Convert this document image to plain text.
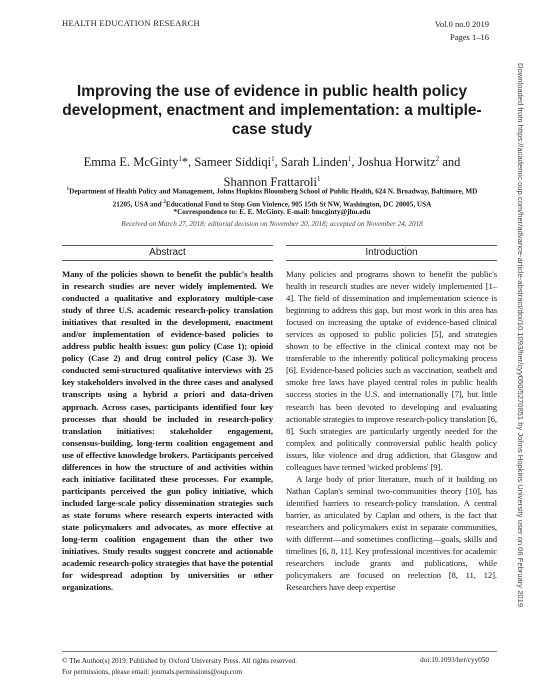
HEALTH EDUCATION RESEARCH	Vol.0 no.0 2019
Pages 1–16
Improving the use of evidence in public health policy development, enactment and implementation: a multiple-case study
Emma E. McGinty$^1$*, Sameer Siddiqi$^1$, Sarah Linden$^1$, Joshua Horwitz$^2$ and Shannon Frattaroli$^1$
$^1$Department of Health Policy and Management, Johns Hopkins Bloomberg School of Public Health, 624 N. Broadway, Baltimore, MD 21205, USA and $^2$Educational Fund to Stop Gun Violence, 905 15th St NW, Washington, DC 20005, USA
*Correspondence to: E. E. McGinty. E-mail: bmcginty@jhu.edu
Received on March 27, 2018; editorial decision on November 20, 2018; accepted on November 24, 2018
Abstract	Introduction
Many of the policies shown to benefit the public's health in research studies are never widely implemented. We conducted a qualitative and exploratory multiple-case study of three U.S. academic research-policy translation initiatives that resulted in the development, enactment and/or implementation of evidence-based policies to address public health issues: gun policy (Case 1); opioid policy (Case 2) and drug control policy (Case 3). We conducted semi-structured qualitative interviews with 25 key stakeholders involved in the three cases and analysed transcripts using a hybrid a priori and data-driven approach. Across cases, participants identified four key processes that should be included in research-policy translation initiatives: stakeholder engagement, consensus-building, long-term coalition engagement and use of effective knowledge brokers. Participants perceived differences in how the structure of and activities within each initiative facilitated these processes. For example, participants perceived the gun policy initiative, which included large-scale policy dissemination strategies such as state forums where research experts interacted with state policymakers and advocates, as more effective at long-term coalition engagement than the other two initiatives. Study results suggest concrete and actionable academic research-policy strategies that have the potential for widespread adoption by universities or other organizations.

Many policies and programs shown to benefit the public's health in research studies are never widely implemented [1–4]. The field of dissemination and implementation science is beginning to address this gap, but most work in this area has focused on increasing the uptake of evidence-based clinical services as opposed to public policies [5], and strategies shown to be effective in the clinical context may not be transferable to the inherently political policymaking process [6]. Evidence-based policies such as vaccination, seatbelt and smoke free laws have played central roles in public health success stories in the U.S. and internationally [7], but little research has been devoted to developing and evaluating actionable strategies to improve research-policy translation [6, 8]. Such strategies are particularly urgently needed for the complex and politically controversial public health policy issues, like violence and drug addiction, that Glasgow and colleagues have termed 'wicked problems' [9].

A large body of prior literature, much of it building on Nathan Caplan's seminal two-communities theory [10], has identified barriers to research-policy translation. A central barrier, as articulated by Caplan and others, is the fact that researchers and policymakers exist in separate communities, with different—and sometimes conflicting—goals, skills and timelines [6, 8, 11]. Key professional incentives for academic researchers include grants and publications, while policymakers are focused on reelection [8, 11, 12]. Researchers have deep expertise

© The Author(s) 2019. Published by Oxford University Press. All rights reserved.
For permissions, please email: journals.permissions@oup.com
doi:10.1093/her/cyy050
Downloaded from https://academic.oup.com/her/advance-article-abstract/doi/10.1093/her/cyy050/5270851 by Johns Hopkins University user on 06 February 2019
